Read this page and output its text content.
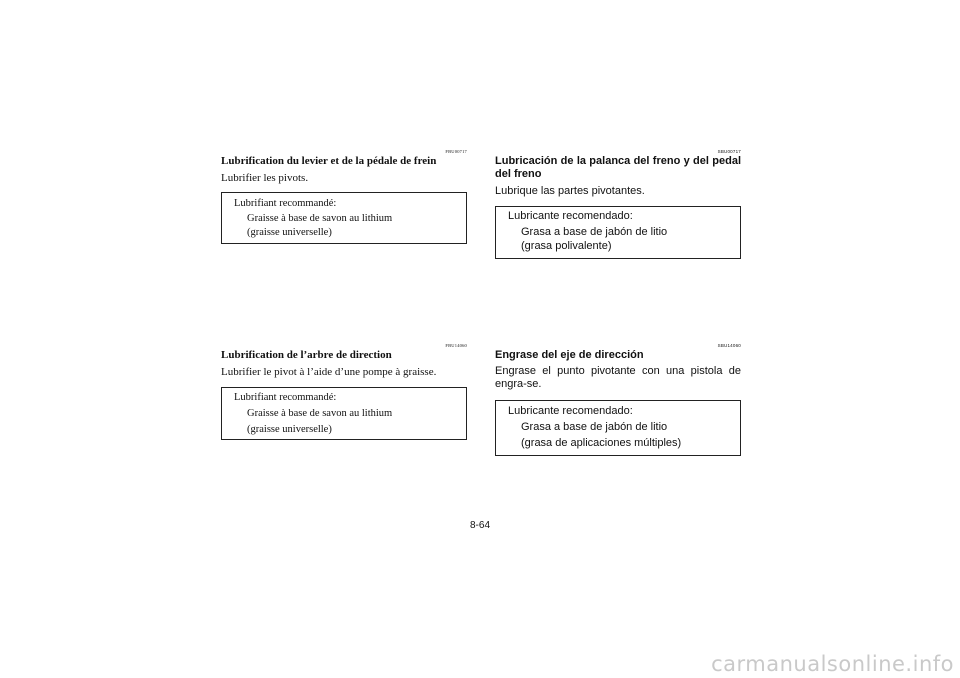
FBU00717
Lubrification du levier et de la pédale de frein
Lubrifier les pivots.
Lubrifiant recommandé:
Graisse à base de savon au lithium
(graisse universelle)
FBU14060
Lubrification de l’arbre de direction
Lubrifier le pivot à l’aide d’une pompe à graisse.
Lubrifiant recommandé:
Graisse à base de savon au lithium
(graisse universelle)
SBU00717
Lubricación de la palanca del freno y del pedal del freno
Lubrique las partes pivotantes.
Lubricante recomendado:
Grasa a base de jabón de litio
(grasa polivalente)
SBU14060
Engrase del eje de dirección
Engrase el punto pivotante con una pistola de engra-se.
Lubricante recomendado:
Grasa a base de jabón de litio
(grasa de aplicaciones múltiples)
8-64
carmanualsonline.info
